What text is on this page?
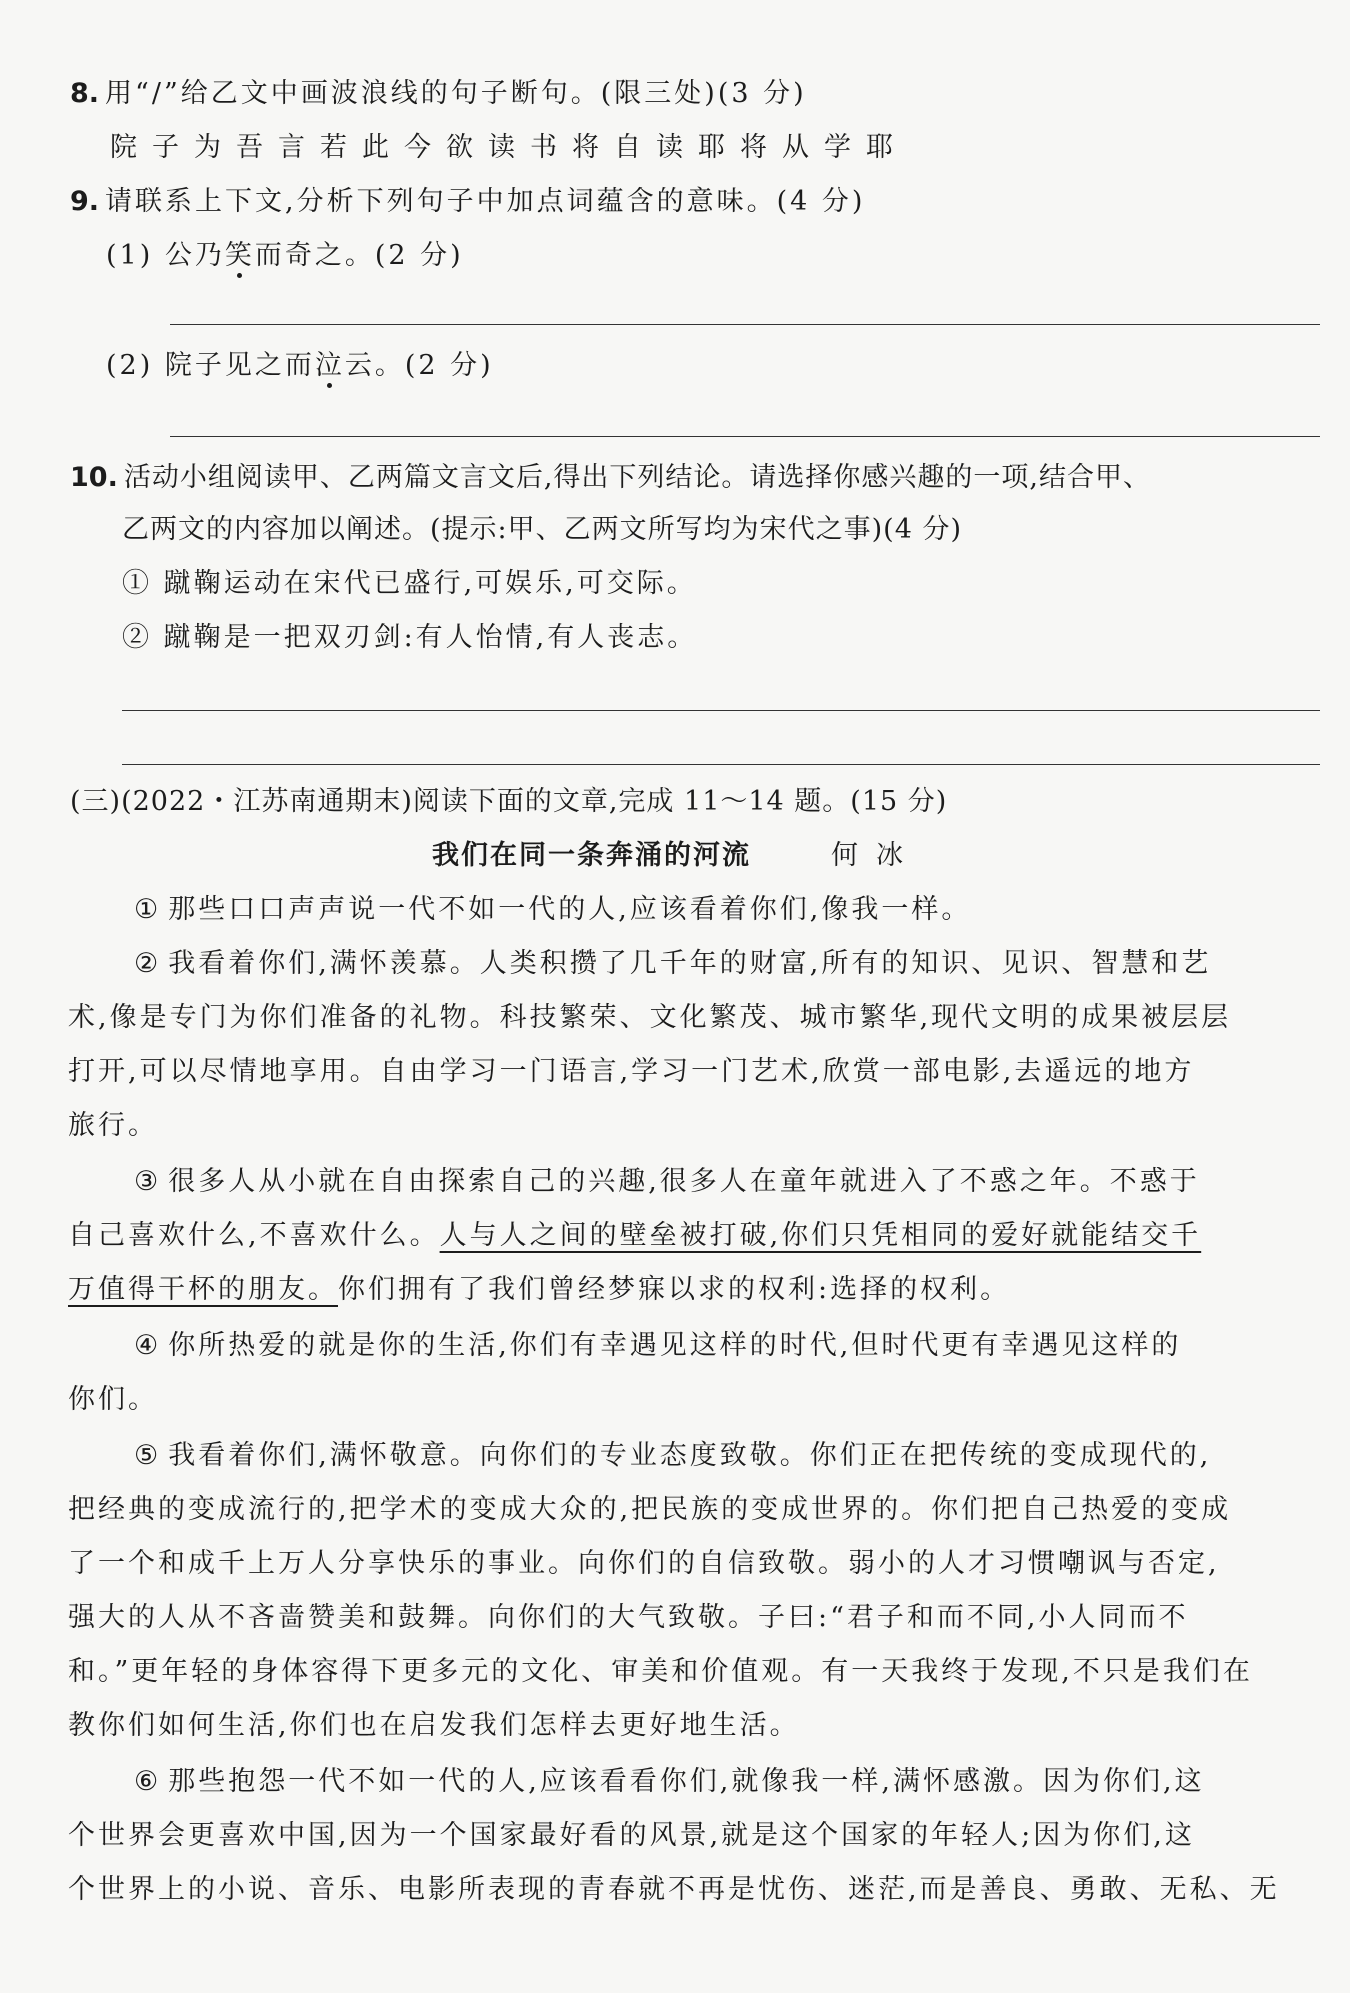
8. 用“/”给乙文中画波浪线的句子断句。(限三处)(3 分)
院子为吾言若此今欲读书将自读耶将从学耶
9. 请联系上下文,分析下列句子中加点词蕴含的意味。(4 分)
(1) 公乃笑而奇之。(2 分)
(2) 院子见之而泣云。(2 分)
10. 活动小组阅读甲、乙两篇文言文后,得出下列结论。请选择你感兴趣的一项,结合甲、
乙两文的内容加以阐述。(提示:甲、乙两文所写均为宋代之事)(4 分)
① 蹴鞠运动在宋代已盛行,可娱乐,可交际。
② 蹴鞠是一把双刃剑:有人怡情,有人丧志。
(三)(2022・江苏南通期末)阅读下面的文章,完成 11～14 题。(15 分)
我们在同一条奔涌的河流	何冰
① 那些口口声声说一代不如一代的人,应该看着你们,像我一样。
② 我看着你们,满怀羡慕。人类积攒了几千年的财富,所有的知识、见识、智慧和艺
术,像是专门为你们准备的礼物。科技繁荣、文化繁茂、城市繁华,现代文明的成果被层层
打开,可以尽情地享用。自由学习一门语言,学习一门艺术,欣赏一部电影,去遥远的地方
旅行。
③ 很多人从小就在自由探索自己的兴趣,很多人在童年就进入了不惑之年。不惑于
自己喜欢什么,不喜欢什么。人与人之间的壁垒被打破,你们只凭相同的爱好就能结交千
万值得干杯的朋友。你们拥有了我们曾经梦寐以求的权利:选择的权利。
④ 你所热爱的就是你的生活,你们有幸遇见这样的时代,但时代更有幸遇见这样的
你们。
⑤ 我看着你们,满怀敬意。向你们的专业态度致敬。你们正在把传统的变成现代的,
把经典的变成流行的,把学术的变成大众的,把民族的变成世界的。你们把自己热爱的变成
了一个和成千上万人分享快乐的事业。向你们的自信致敬。弱小的人才习惯嘲讽与否定,
强大的人从不吝啬赞美和鼓舞。向你们的大气致敬。子曰:“君子和而不同,小人同而不
和。”更年轻的身体容得下更多元的文化、审美和价值观。有一天我终于发现,不只是我们在
教你们如何生活,你们也在启发我们怎样去更好地生活。
⑥ 那些抱怨一代不如一代的人,应该看看你们,就像我一样,满怀感激。因为你们,这
个世界会更喜欢中国,因为一个国家最好看的风景,就是这个国家的年轻人;因为你们,这
个世界上的小说、音乐、电影所表现的青春就不再是忧伤、迷茫,而是善良、勇敢、无私、无
